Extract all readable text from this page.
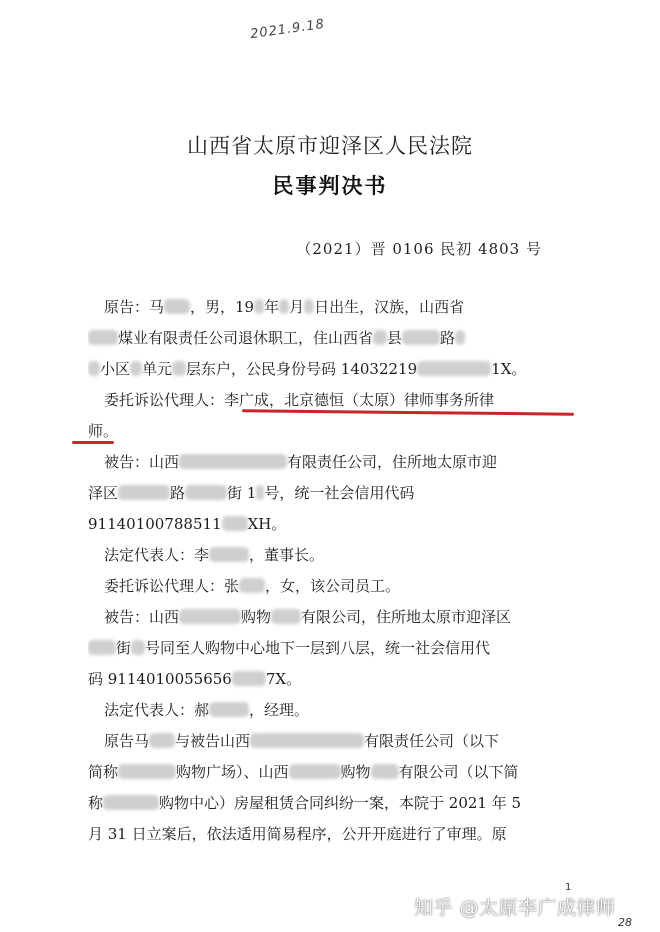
2021.9.18
山西省太原市迎泽区人民法院
民事判决书
（2021）晋 0106 民初 4803 号
原告：马 ，男，19 年 月 日出生，汉族，山西省
煤业有限责任公司退休职工，住山西省 县	路
小区 单元 层东户，公民身份号码 14032219	1X。
委托诉讼代理人：李广成，北京德恒（太原）律师事务所律
师。
被告：山西	有限责任公司，住所地太原市迎
泽区	路	街 1 号，统一社会信用代码
91140100788511 XH。
法定代表人：李	，董事长。
委托诉讼代理人：张 ，女，该公司员工。
被告：山西	购物 有限公司，住所地太原市迎泽区
街 号同至人购物中心地下一层到八层，统一社会信用代
码 9114010055656 7X。
法定代表人：郝	，经理。
原告马 与被告山西	有限责任公司（以下
简称	购物广场）、山西	购物 有限公司（以下简
称	购物中心）房屋租赁合同纠纷一案，本院于 2021 年 5
月 31 日立案后，依法适用简易程序，公开开庭进行了审理。原
1
知乎 @太原李广成律师
28
